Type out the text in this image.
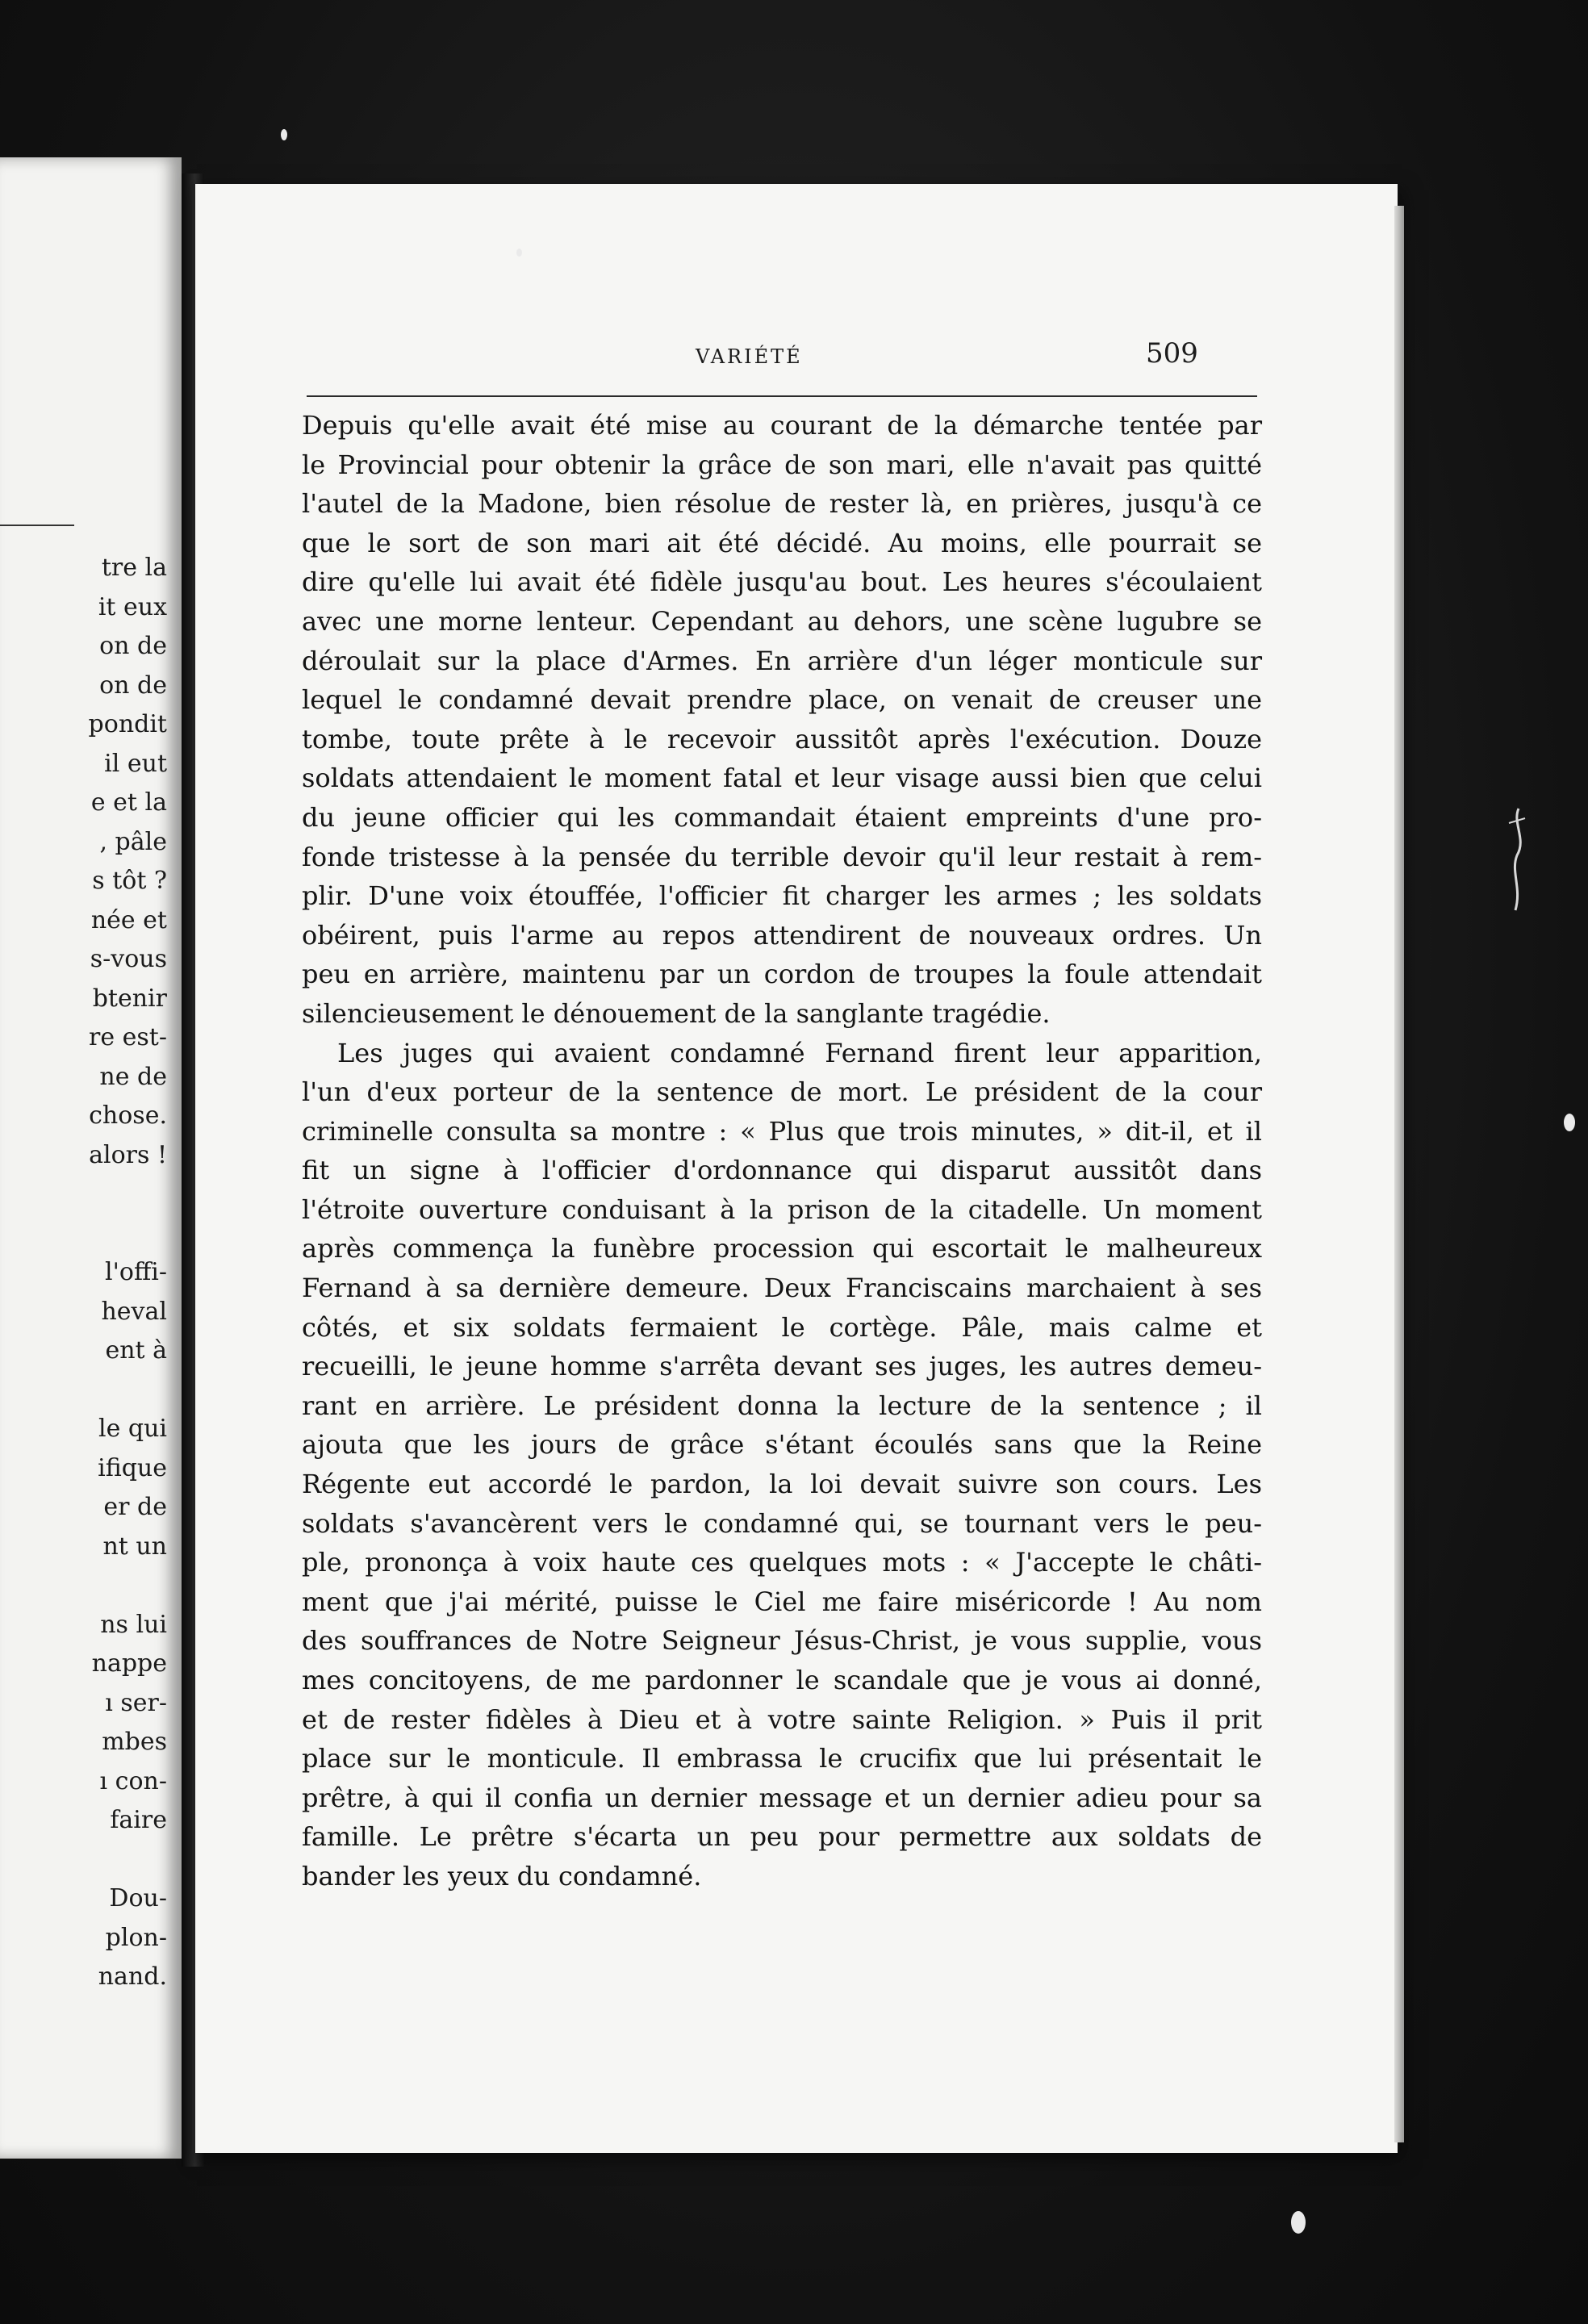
tre la
it eux
on de
on de
pondit
il eut
e et la
, pâle
s tôt ?
née et
s-vous
btenir
re est-
ne de
chose.
alors !
l'offi-
heval
ent à
le qui
ifique
er de
nt un
ns lui
nappe
ı ser-
mbes
ı con-
faire
Dou-
plon-
nand.
VARIÉTÉ	509
Depuis qu'elle avait été mise au courant de la démarche tentée par
le Provincial pour obtenir la grâce de son mari, elle n'avait pas quitté
l'autel de la Madone, bien résolue de rester là, en prières, jusqu'à ce
que le sort de son mari ait été décidé. Au moins, elle pourrait se
dire qu'elle lui avait été fidèle jusqu'au bout. Les heures s'écoulaient
avec une morne lenteur. Cependant au dehors, une scène lugubre se
déroulait sur la place d'Armes. En arrière d'un léger monticule sur
lequel le condamné devait prendre place, on venait de creuser une
tombe, toute prête à le recevoir aussitôt après l'exécution. Douze
soldats attendaient le moment fatal et leur visage aussi bien que celui
du jeune officier qui les commandait étaient empreints d'une pro-
fonde tristesse à la pensée du terrible devoir qu'il leur restait à rem-
plir. D'une voix étouffée, l'officier fit charger les armes ; les soldats
obéirent, puis l'arme au repos attendirent de nouveaux ordres. Un
peu en arrière, maintenu par un cordon de troupes la foule attendait
silencieusement le dénouement de la sanglante tragédie.
Les juges qui avaient condamné Fernand firent leur apparition,
l'un d'eux porteur de la sentence de mort. Le président de la cour
criminelle consulta sa montre : « Plus que trois minutes, » dit-il, et il
fit un signe à l'officier d'ordonnance qui disparut aussitôt dans
l'étroite ouverture conduisant à la prison de la citadelle. Un moment
après commença la funèbre procession qui escortait le malheureux
Fernand à sa dernière demeure. Deux Franciscains marchaient à ses
côtés, et six soldats fermaient le cortège. Pâle, mais calme et
recueilli, le jeune homme s'arrêta devant ses juges, les autres demeu-
rant en arrière. Le président donna la lecture de la sentence ; il
ajouta que les jours de grâce s'étant écoulés sans que la Reine
Régente eut accordé le pardon, la loi devait suivre son cours. Les
soldats s'avancèrent vers le condamné qui, se tournant vers le peu-
ple, prononça à voix haute ces quelques mots : « J'accepte le châti-
ment que j'ai mérité, puisse le Ciel me faire miséricorde ! Au nom
des souffrances de Notre Seigneur Jésus-Christ, je vous supplie, vous
mes concitoyens, de me pardonner le scandale que je vous ai donné,
et de rester fidèles à Dieu et à votre sainte Religion. » Puis il prit
place sur le monticule. Il embrassa le crucifix que lui présentait le
prêtre, à qui il confia un dernier message et un dernier adieu pour sa
famille. Le prêtre s'écarta un peu pour permettre aux soldats de
bander les yeux du condamné.
